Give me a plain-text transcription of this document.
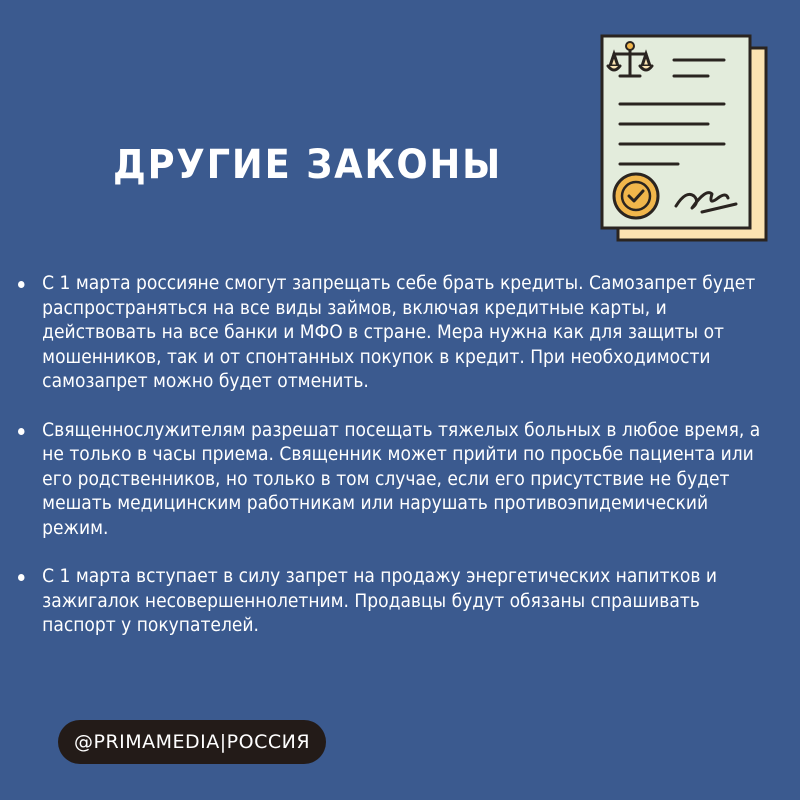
ДРУГИЕ ЗАКОНЫ
С 1 марта россияне смогут запрещать себе брать кредиты. Самозапрет будет распространяться на все виды займов, включая кредитные карты, и действовать на все банки и МФО в стране. Мера нужна как для защиты от мошенников, так и от спонтанных покупок в кредит. При необходимости самозапрет можно будет отменить.
Священнослужителям разрешат посещать тяжелых больных в любое время, а не только в часы приема. Священник может прийти по просьбе пациента или его родственников, но только в том случае, если его присутствие не будет мешать медицинским работникам или нарушать противоэпидемический режим.
С 1 марта вступает в силу запрет на продажу энергетических напитков и зажигалок несовершеннолетним. Продавцы будут обязаны спрашивать паспорт у покупателей.
@PRIMAMEDIA|РОССИЯ
